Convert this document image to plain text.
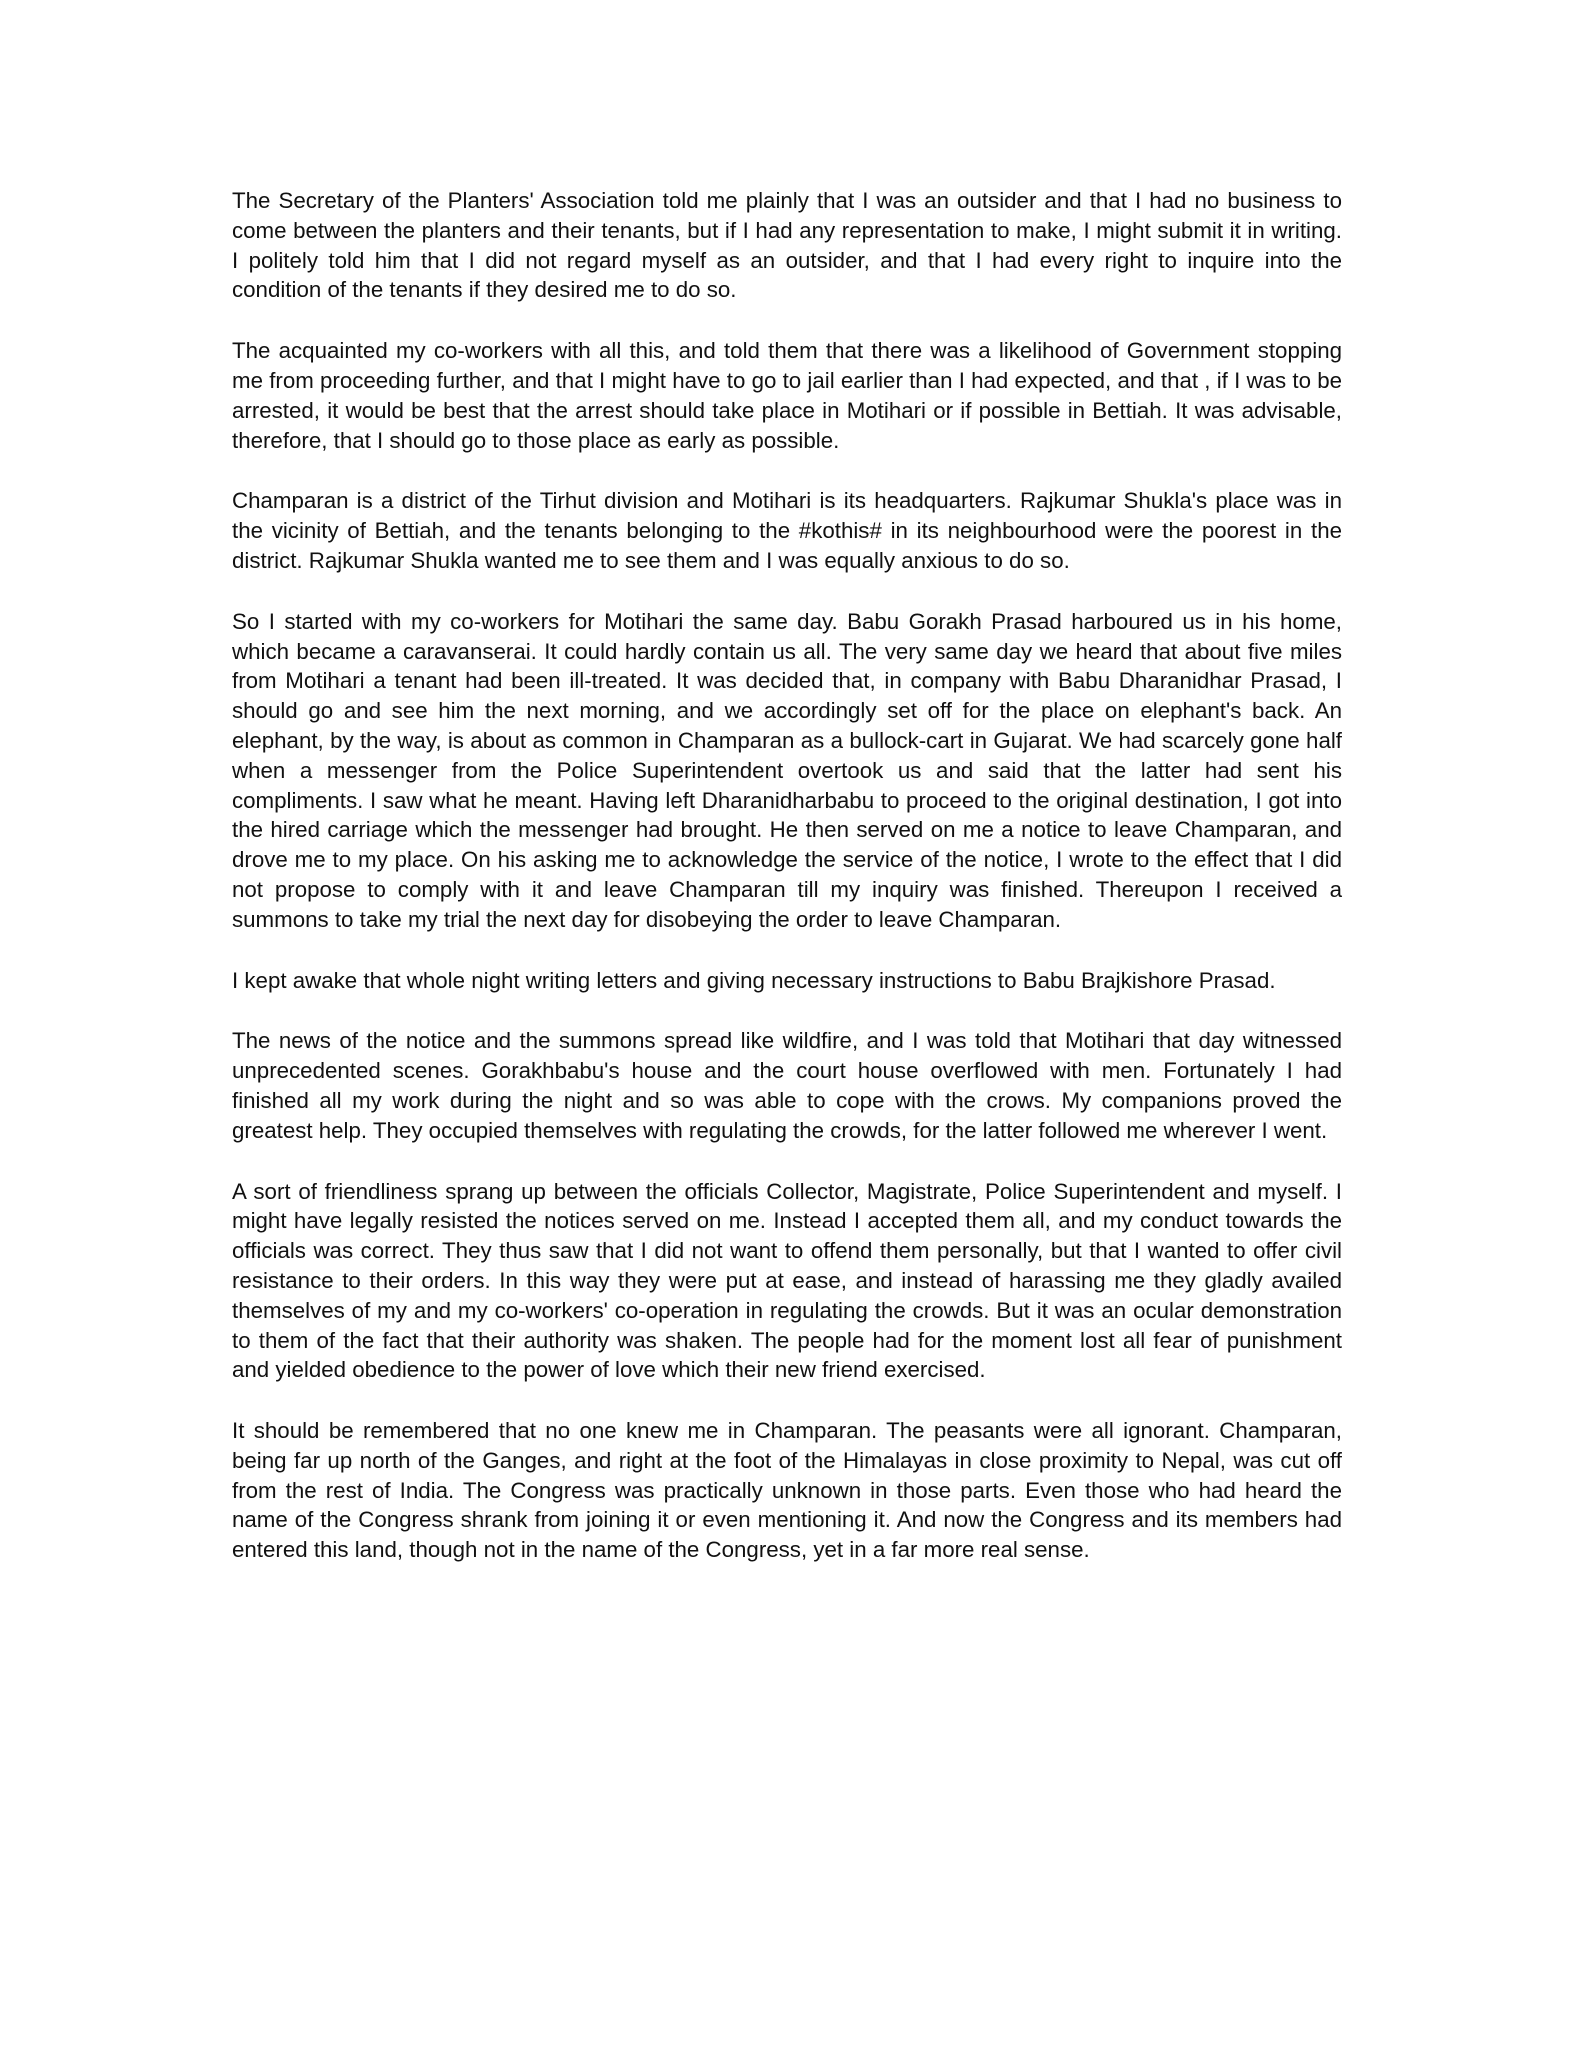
The Secretary of the Planters' Association told me plainly that I was an outsider and that I had no business to come between the planters and their tenants, but if I had any representation to make, I might submit it in writing. I politely told him that I did not regard myself as an outsider, and that I had every right to inquire into the condition of the tenants if they desired me to do so.

The acquainted my co-workers with all this, and told them that there was a likelihood of Government stopping me from proceeding further, and that I might have to go to jail earlier than I had expected, and that , if I was to be arrested, it would be best that the arrest should take place in Motihari or if possible in Bettiah. It was advisable, therefore, that I should go to those place as early as possible.

Champaran is a district of the Tirhut division and Motihari is its headquarters. Rajkumar Shukla's place was in the vicinity of Bettiah, and the tenants belonging to the #kothis# in its neighbourhood were the poorest in the district. Rajkumar Shukla wanted me to see them and I was equally anxious to do so.

So I started with my co-workers for Motihari the same day. Babu Gorakh Prasad harboured us in his home, which became a caravanserai. It could hardly contain us all. The very same day we heard that about five miles from Motihari a tenant had been ill-treated. It was decided that, in company with Babu Dharanidhar Prasad, I should go and see him the next morning, and we accordingly set off for the place on elephant's back. An elephant, by the way, is about as common in Champaran as a bullock-cart in Gujarat. We had scarcely gone half when a messenger from the Police Superintendent overtook us and said that the latter had sent his compliments. I saw what he meant. Having left Dharanidharbabu to proceed to the original destination, I got into the hired carriage which the messenger had brought. He then served on me a notice to leave Champaran, and drove me to my place. On his asking me to acknowledge the service of the notice, I wrote to the effect that I did not propose to comply with it and leave Champaran till my inquiry was finished. Thereupon I received a summons to take my trial the next day for disobeying the order to leave Champaran.

I kept awake that whole night writing letters and giving necessary instructions to Babu Brajkishore Prasad.

The news of the notice and the summons spread like wildfire, and I was told that Motihari that day witnessed unprecedented scenes. Gorakhbabu's house and the court house overflowed with men. Fortunately I had finished all my work during the night and so was able to cope with the crows. My companions proved the greatest help. They occupied themselves with regulating the crowds, for the latter followed me wherever I went.

A sort of friendliness sprang up between the officials Collector, Magistrate, Police Superintendent and myself. I might have legally resisted the notices served on me. Instead I accepted them all, and my conduct towards the officials was correct. They thus saw that I did not want to offend them personally, but that I wanted to offer civil resistance to their orders. In this way they were put at ease, and instead of harassing me they gladly availed themselves of my and my co-workers' co-operation in regulating the crowds. But it was an ocular demonstration to them of the fact that their authority was shaken. The people had for the moment lost all fear of punishment and yielded obedience to the power of love which their new friend exercised.

It should be remembered that no one knew me in Champaran. The peasants were all ignorant. Champaran, being far up north of the Ganges, and right at the foot of the Himalayas in close proximity to Nepal, was cut off from the rest of India. The Congress was practically unknown in those parts. Even those who had heard the name of the Congress shrank from joining it or even mentioning it. And now the Congress and its members had entered this land, though not in the name of the Congress, yet in a far more real sense.
